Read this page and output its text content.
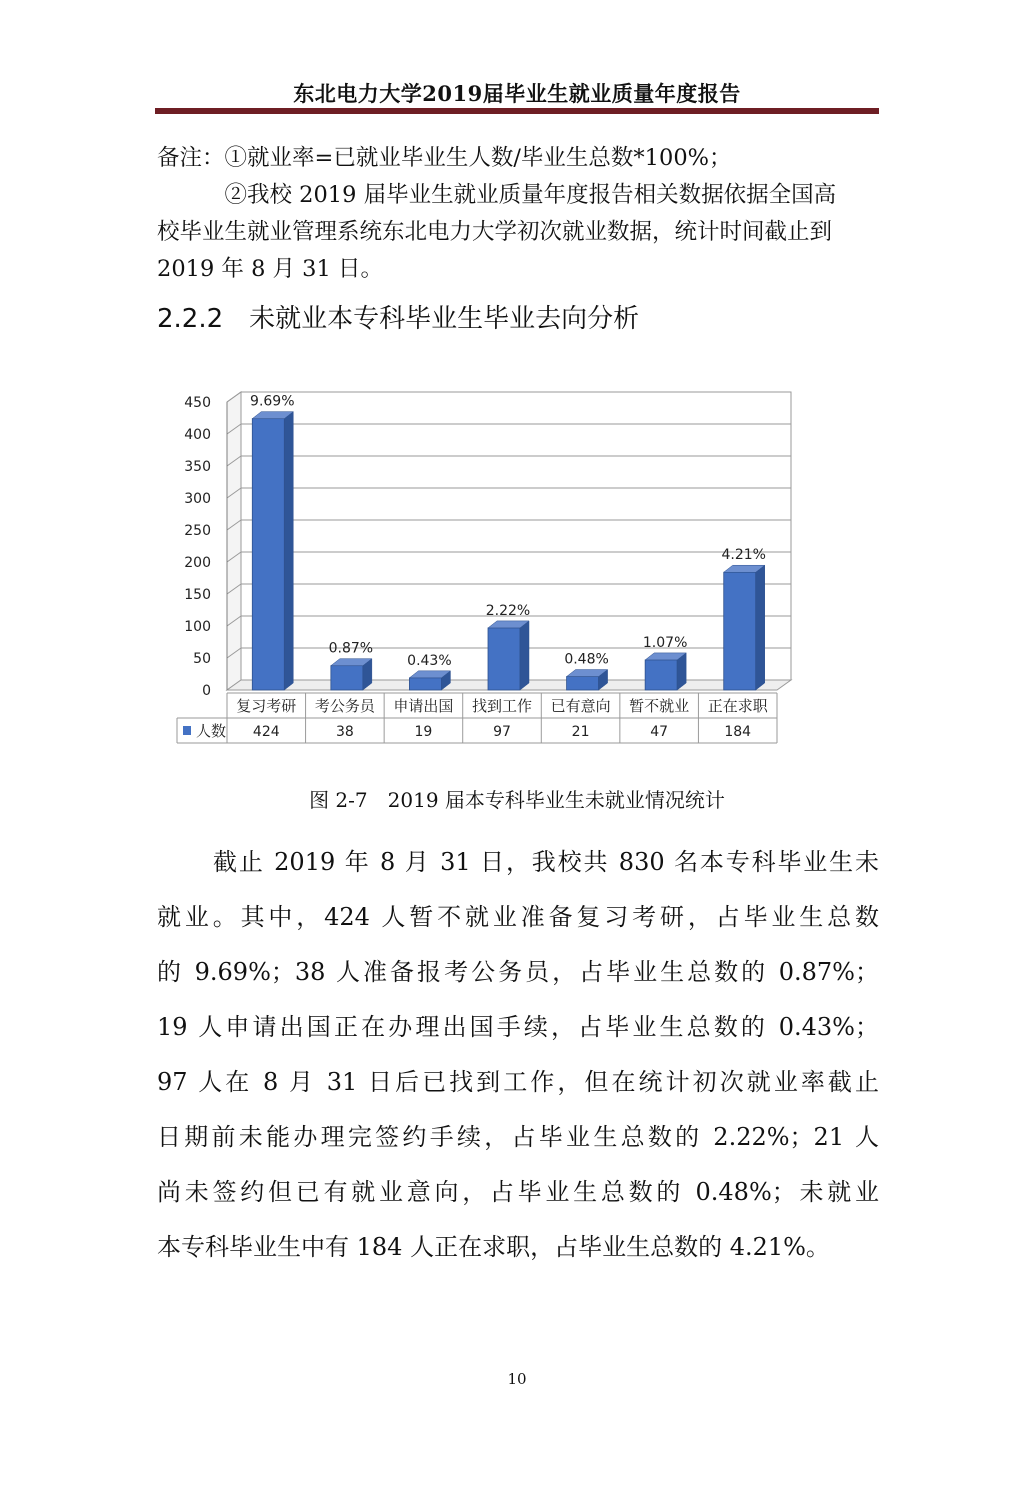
东北电力大学2019届毕业生就业质量年度报告
备注：①就业率=已就业毕业生人数/毕业生总数*100%；
　　　②我校 2019 届毕业生就业质量年度报告相关数据依据全国高
校毕业生就业管理系统东北电力大学初次就业数据，统计时间截止到
2019 年 8 月 31 日。
2.2.2　未就业本专科毕业生毕业去向分析
0
50
100
150
200
250
300
350
400
450	9.69%
0.87%
0.43%
2.22%
0.48%
1.07%
4.21%
复习考研
424
考公务员
38
申请出国
19
找到工作
97
已有意向
21
暂不就业
47
正在求职
184
人数
图 2-7　2019 届本专科毕业生未就业情况统计
截止 2019 年 8 月 31 日，我校共 830 名本专科毕业生未
就业。其中，424 人暂不就业准备复习考研，占毕业生总数
的 9.69%；38 人准备报考公务员，占毕业生总数的 0.87%；
19 人申请出国正在办理出国手续，占毕业生总数的 0.43%；
97 人在 8 月 31 日后已找到工作，但在统计初次就业率截止
日期前未能办理完签约手续，占毕业生总数的 2.22%；21 人
尚未签约但已有就业意向，占毕业生总数的 0.48%；未就业
本专科毕业生中有 184 人正在求职，占毕业生总数的 4.21%。
10
